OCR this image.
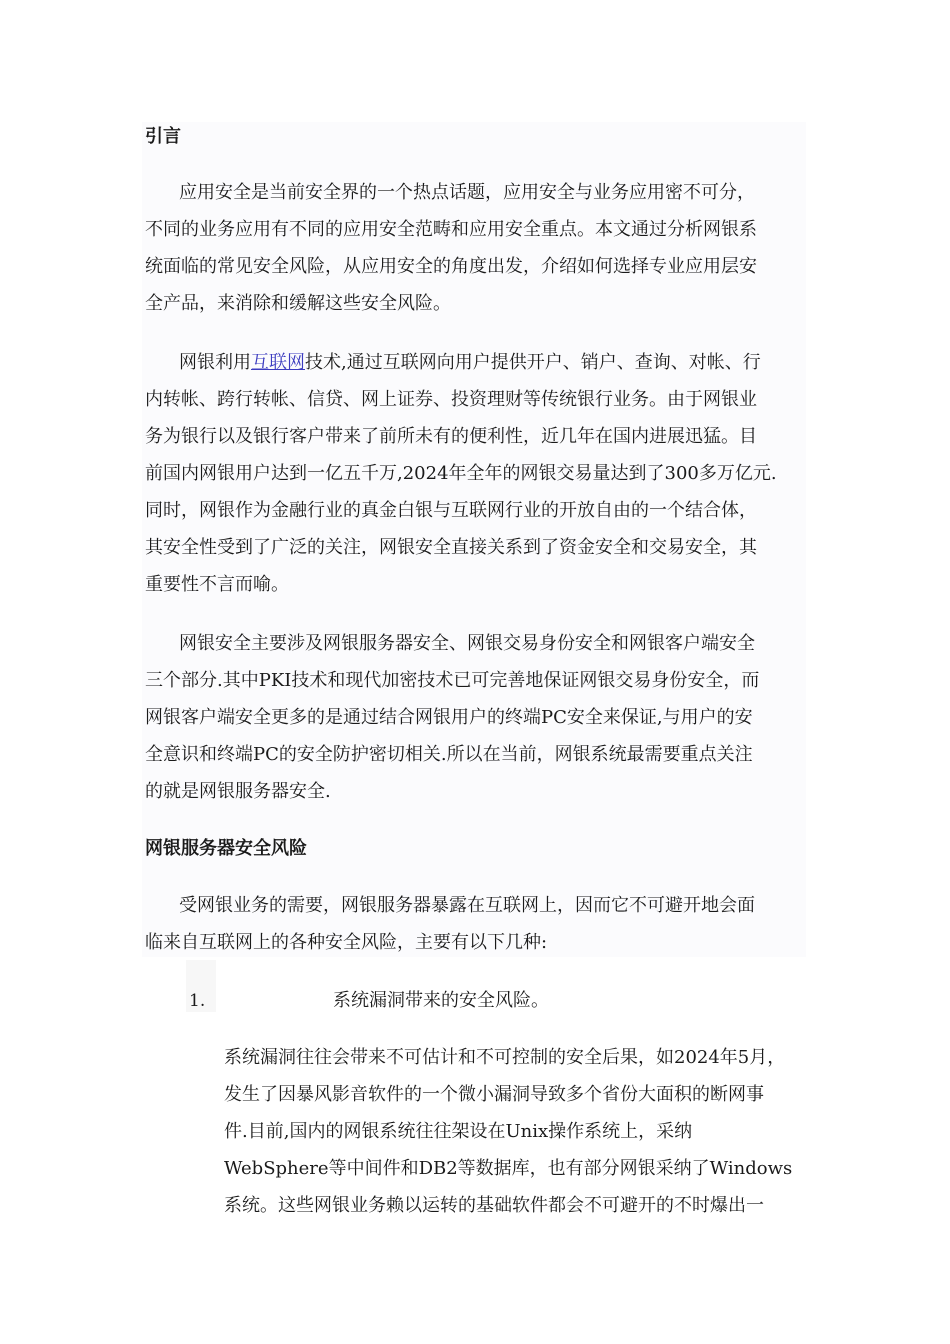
引言
应用安全是当前安全界的一个热点话题，应用安全与业务应用密不可分，
不同的业务应用有不同的应用安全范畴和应用安全重点。本文通过分析网银系
统面临的常见安全风险，从应用安全的角度出发，介绍如何选择专业应用层安
全产品，来消除和缓解这些安全风险。
网银利用互联网技术,通过互联网向用户提供开户、销户、查询、对帐、行
内转帐、跨行转帐、信贷、网上证券、投资理财等传统银行业务。由于网银业
务为银行以及银行客户带来了前所未有的便利性，近几年在国内进展迅猛。目
前国内网银用户达到一亿五千万,2024年全年的网银交易量达到了300多万亿元.
同时，网银作为金融行业的真金白银与互联网行业的开放自由的一个结合体，
其安全性受到了广泛的关注，网银安全直接关系到了资金安全和交易安全，其
重要性不言而喻。
网银安全主要涉及网银服务器安全、网银交易身份安全和网银客户端安全
三个部分.其中PKI技术和现代加密技术已可完善地保证网银交易身份安全，而
网银客户端安全更多的是通过结合网银用户的终端PC安全来保证,与用户的安
全意识和终端PC的安全防护密切相关.所以在当前，网银系统最需要重点关注
的就是网银服务器安全.
网银服务器安全风险
受网银业务的需要，网银服务器暴露在互联网上，因而它不可避开地会面
临来自互联网上的各种安全风险，主要有以下几种:
1.	系统漏洞带来的安全风险。
系统漏洞往往会带来不可估计和不可控制的安全后果，如2024年5月，
发生了因暴风影音软件的一个微小漏洞导致多个省份大面积的断网事
件.目前,国内的网银系统往往架设在Unix操作系统上，采纳
WebSphere等中间件和DB2等数据库，也有部分网银采纳了Windows
系统。这些网银业务赖以运转的基础软件都会不可避开的不时爆出一
